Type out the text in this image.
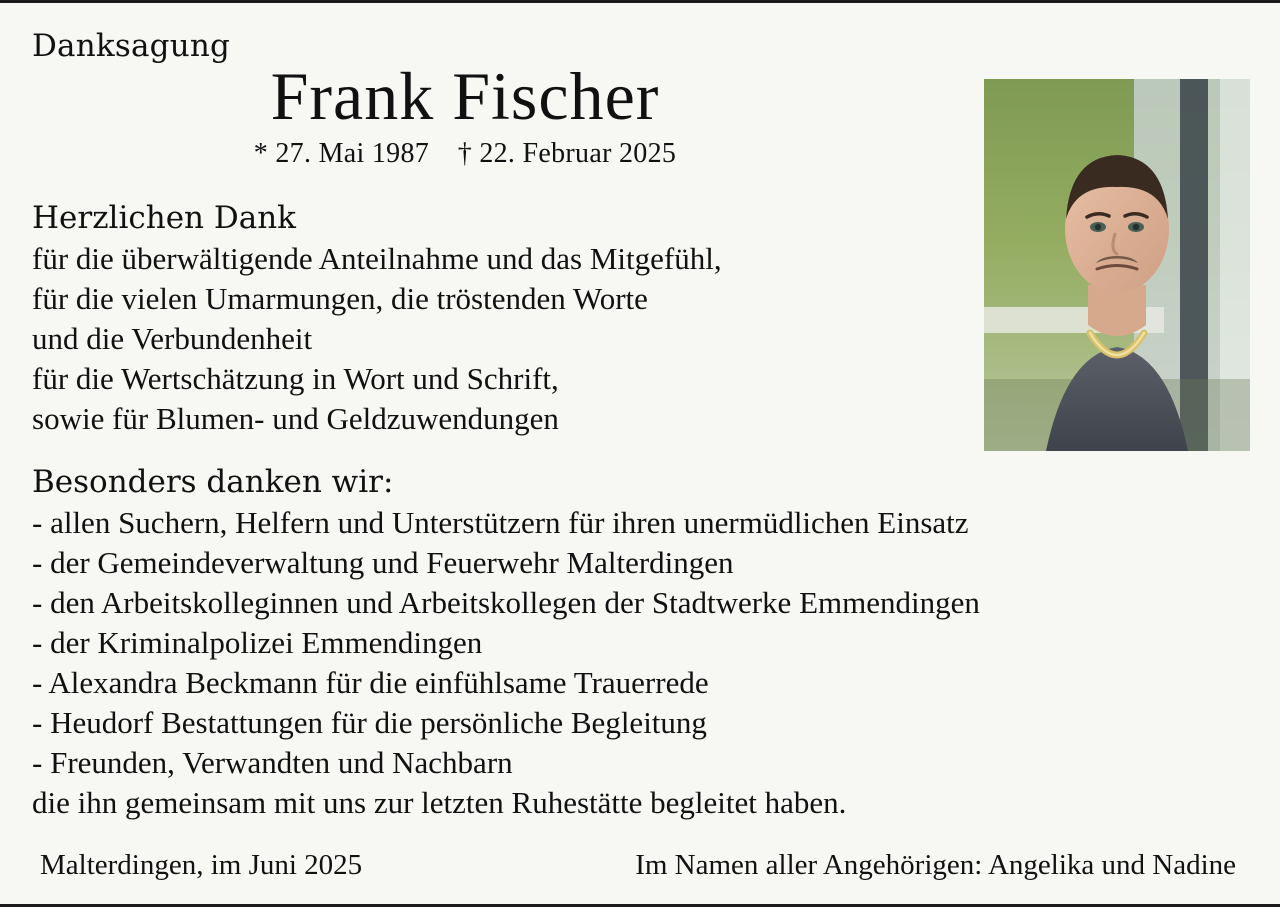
Danksagung
Frank Fischer
* 27. Mai 1987 † 22. Februar 2025
Herzlichen Dank
für die überwältigende Anteilnahme und das Mitgefühl,
für die vielen Umarmungen, die tröstenden Worte
und die Verbundenheit
für die Wertschätzung in Wort und Schrift,
sowie für Blumen- und Geldzuwendungen
Besonders danken wir:
- allen Suchern, Helfern und Unterstützern für ihren unermüdlichen Einsatz
- der Gemeindeverwaltung und Feuerwehr Malterdingen
- den Arbeitskolleginnen und Arbeitskollegen der Stadtwerke Emmendingen
- der Kriminalpolizei Emmendingen
- Alexandra Beckmann für die einfühlsame Trauerrede
- Heudorf Bestattungen für die persönliche Begleitung
- Freunden, Verwandten und Nachbarn
die ihn gemeinsam mit uns zur letzten Ruhestätte begleitet haben.
Malterdingen, im Juni 2025	Im Namen aller Angehörigen: Angelika und Nadine
